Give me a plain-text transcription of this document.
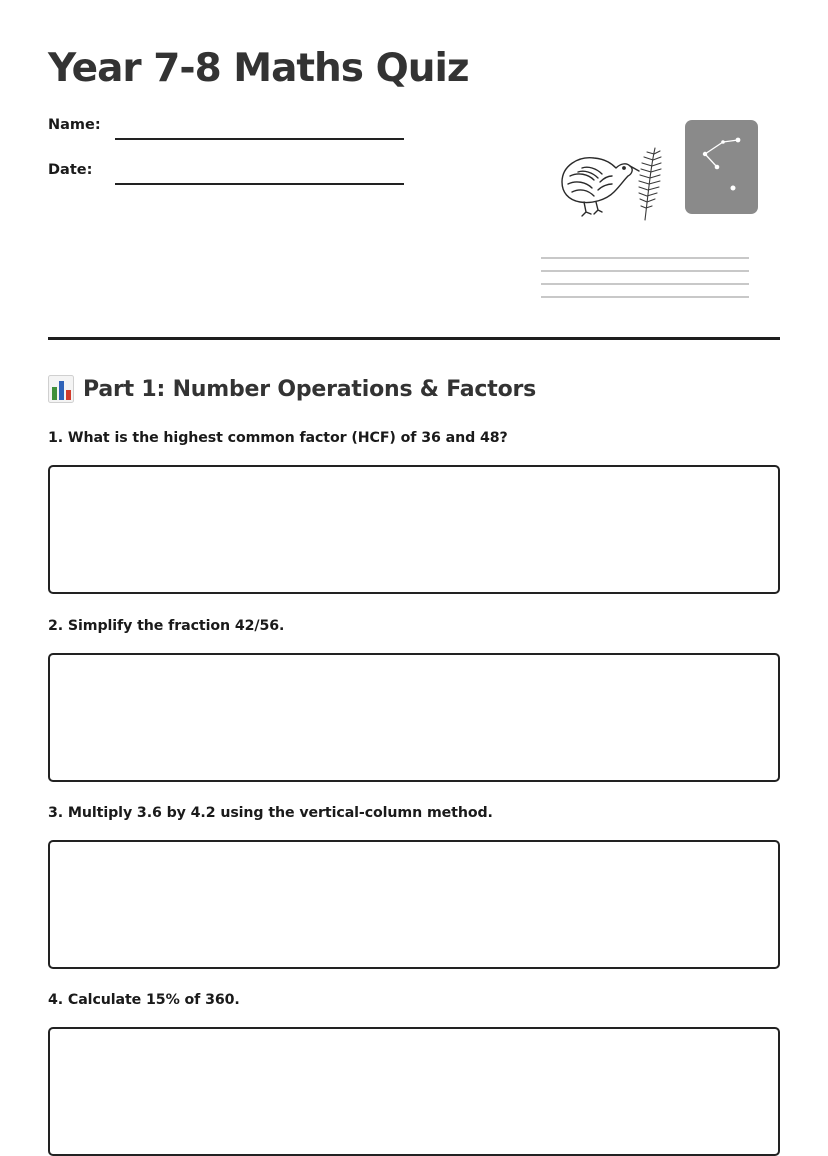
Year 7-8 Maths Quiz
Name:
Date:
Part 1: Number Operations & Factors
1. What is the highest common factor (HCF) of 36 and 48?
2. Simplify the fraction 42/56.
3. Multiply 3.6 by 4.2 using the vertical-column method.
4. Calculate 15% of 360.
